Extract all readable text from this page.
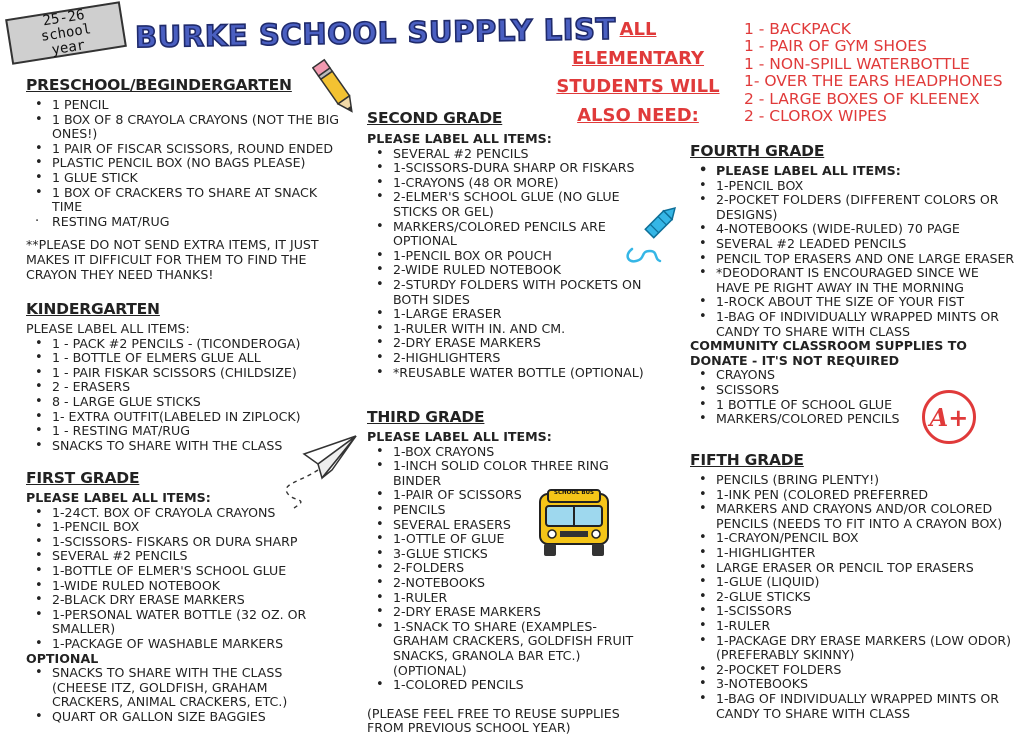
25-26 school year	BURKE SCHOOL SUPPLY LIST
SCHOOL BUS
A+
ALL
ELEMENTARY
STUDENTS WILL
ALSO NEED:
1 - BACKPACK
1 - PAIR OF GYM SHOES
1 - NON-SPILL WATERBOTTLE
1- OVER THE EARS HEADPHONES
2 - LARGE BOXES OF KLEENEX
2 - CLOROX WIPES
PRESCHOOL/BEGINDERGARTEN
• 1 PENCIL
• 1 BOX OF 8 CRAYOLA CRAYONS (NOT THE BIG ONES!)
• 1 PAIR OF FISCAR SCISSORS, ROUND ENDED
• PLASTIC PENCIL BOX (NO BAGS PLEASE)
• 1 GLUE STICK
• 1 BOX OF CRACKERS TO SHARE AT SNACK TIME
· RESTING MAT/RUG
**PLEASE DO NOT SEND EXTRA ITEMS, IT JUST MAKES IT DIFFICULT FOR THEM TO FIND THE CRAYON THEY NEED THANKS!
KINDERGARTEN
PLEASE LABEL ALL ITEMS:
• 1 - PACK #2 PENCILS - (TICONDEROGA)
• 1 - BOTTLE OF ELMERS GLUE ALL
• 1 - PAIR FISKAR SCISSORS (CHILDSIZE)
• 2 - ERASERS
• 8 - LARGE GLUE STICKS
• 1- EXTRA OUTFIT(LABELED IN ZIPLOCK)
• 1 - RESTING MAT/RUG
• SNACKS TO SHARE WITH THE CLASS
FIRST GRADE
PLEASE LABEL ALL ITEMS:
• 1-24CT. BOX OF CRAYOLA CRAYONS
• 1-PENCIL BOX
• 1-SCISSORS- FISKARS OR DURA SHARP
• SEVERAL #2 PENCILS
• 1-BOTTLE OF ELMER'S SCHOOL GLUE
• 1-WIDE RULED NOTEBOOK
• 2-BLACK DRY ERASE MARKERS
• 1-PERSONAL WATER BOTTLE (32 OZ. OR SMALLER)
• 1-PACKAGE OF WASHABLE MARKERS
OPTIONAL
• SNACKS TO SHARE WITH THE CLASS (CHEESE ITZ, GOLDFISH, GRAHAM CRACKERS, ANIMAL CRACKERS, ETC.)
• QUART OR GALLON SIZE BAGGIES
SECOND GRADE
PLEASE LABEL ALL ITEMS:
• SEVERAL #2 PENCILS
• 1-SCISSORS-DURA SHARP OR FISKARS
• 1-CRAYONS (48 OR MORE)
• 2-ELMER'S SCHOOL GLUE (NO GLUE STICKS OR GEL)
• MARKERS/COLORED PENCILS ARE OPTIONAL
• 1-PENCIL BOX OR POUCH
• 2-WIDE RULED NOTEBOOK
• 2-STURDY FOLDERS WITH POCKETS ON BOTH SIDES
• 1-LARGE ERASER
• 1-RULER WITH IN. AND CM.
• 2-DRY ERASE MARKERS
• 2-HIGHLIGHTERS
• *REUSABLE WATER BOTTLE (OPTIONAL)
THIRD GRADE
PLEASE LABEL ALL ITEMS:
• 1-BOX CRAYONS
• 1-INCH SOLID COLOR THREE RING BINDER
• 1-PAIR OF SCISSORS
• PENCILS
• SEVERAL ERASERS
• 1-OTTLE OF GLUE
• 3-GLUE STICKS
• 2-FOLDERS
• 2-NOTEBOOKS
• 1-RULER
• 2-DRY ERASE MARKERS
• 1-SNACK TO SHARE (EXAMPLES- GRAHAM CRACKERS, GOLDFISH FRUIT SNACKS, GRANOLA BAR ETC.) (OPTIONAL)
• 1-COLORED PENCILS
(PLEASE FEEL FREE TO REUSE SUPPLIES FROM PREVIOUS SCHOOL YEAR)
FOURTH GRADE
• PLEASE LABEL ALL ITEMS:
• 1-PENCIL BOX
• 2-POCKET FOLDERS (DIFFERENT COLORS OR DESIGNS)
• 4-NOTEBOOKS (WIDE-RULED) 70 PAGE
• SEVERAL #2 LEADED PENCILS
• PENCIL TOP ERASERS AND ONE LARGE ERASER
• *DEODORANT IS ENCOURAGED SINCE WE HAVE PE RIGHT AWAY IN THE MORNING
• 1-ROCK ABOUT THE SIZE OF YOUR FIST
• 1-BAG OF INDIVIDUALLY WRAPPED MINTS OR CANDY TO SHARE WITH CLASS
COMMUNITY CLASSROOM SUPPLIES TO DONATE - IT'S NOT REQUIRED
• CRAYONS
• SCISSORS
• 1 BOTTLE OF SCHOOL GLUE
• MARKERS/COLORED PENCILS
FIFTH GRADE
• PENCILS (BRING PLENTY!)
• 1-INK PEN (COLORED PREFERRED
• MARKERS AND CRAYONS AND/OR COLORED PENCILS (NEEDS TO FIT INTO A CRAYON BOX)
• 1-CRAYON/PENCIL BOX
• 1-HIGHLIGHTER
• LARGE ERASER OR PENCIL TOP ERASERS
• 1-GLUE (LIQUID)
• 2-GLUE STICKS
• 1-SCISSORS
• 1-RULER
• 1-PACKAGE DRY ERASE MARKERS (LOW ODOR) (PREFERABLY SKINNY)
• 2-POCKET FOLDERS
• 3-NOTEBOOKS
• 1-BAG OF INDIVIDUALLY WRAPPED MINTS OR CANDY TO SHARE WITH CLASS
